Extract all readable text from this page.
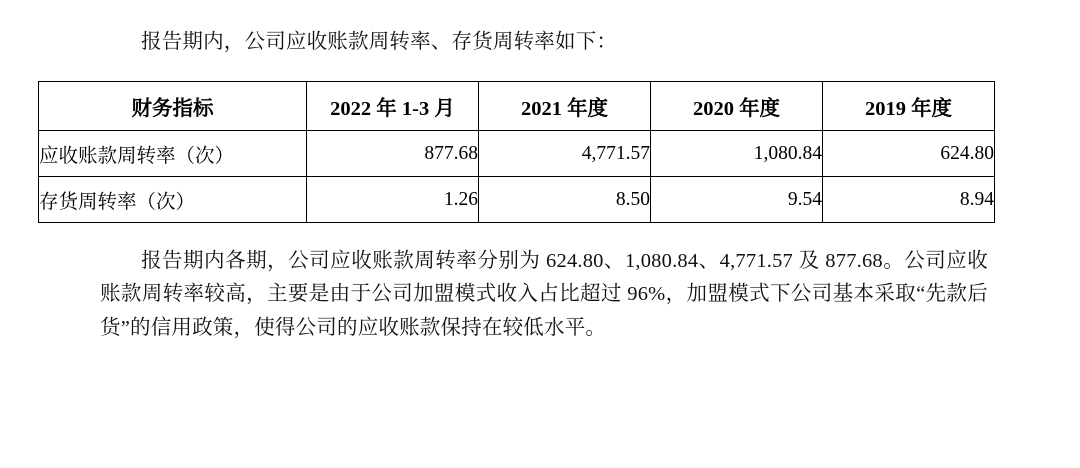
报告期内，公司应收账款周转率、存货周转率如下：

财务指标	2022 年 1-3 月	2021 年度	2020 年度	2019 年度
应收账款周转率（次）	877.68	4,771.57	1,080.84	624.80
存货周转率（次）	1.26	8.50	9.54	8.94

报告期内各期，公司应收账款周转率分别为 624.80、1,080.84、4,771.57 及 877.68。公司应收账款周转率较高，主要是由于公司加盟模式收入占比超过 96%，加盟模式下公司基本采取“先款后货”的信用政策，使得公司的应收账款保持在较低水平。
